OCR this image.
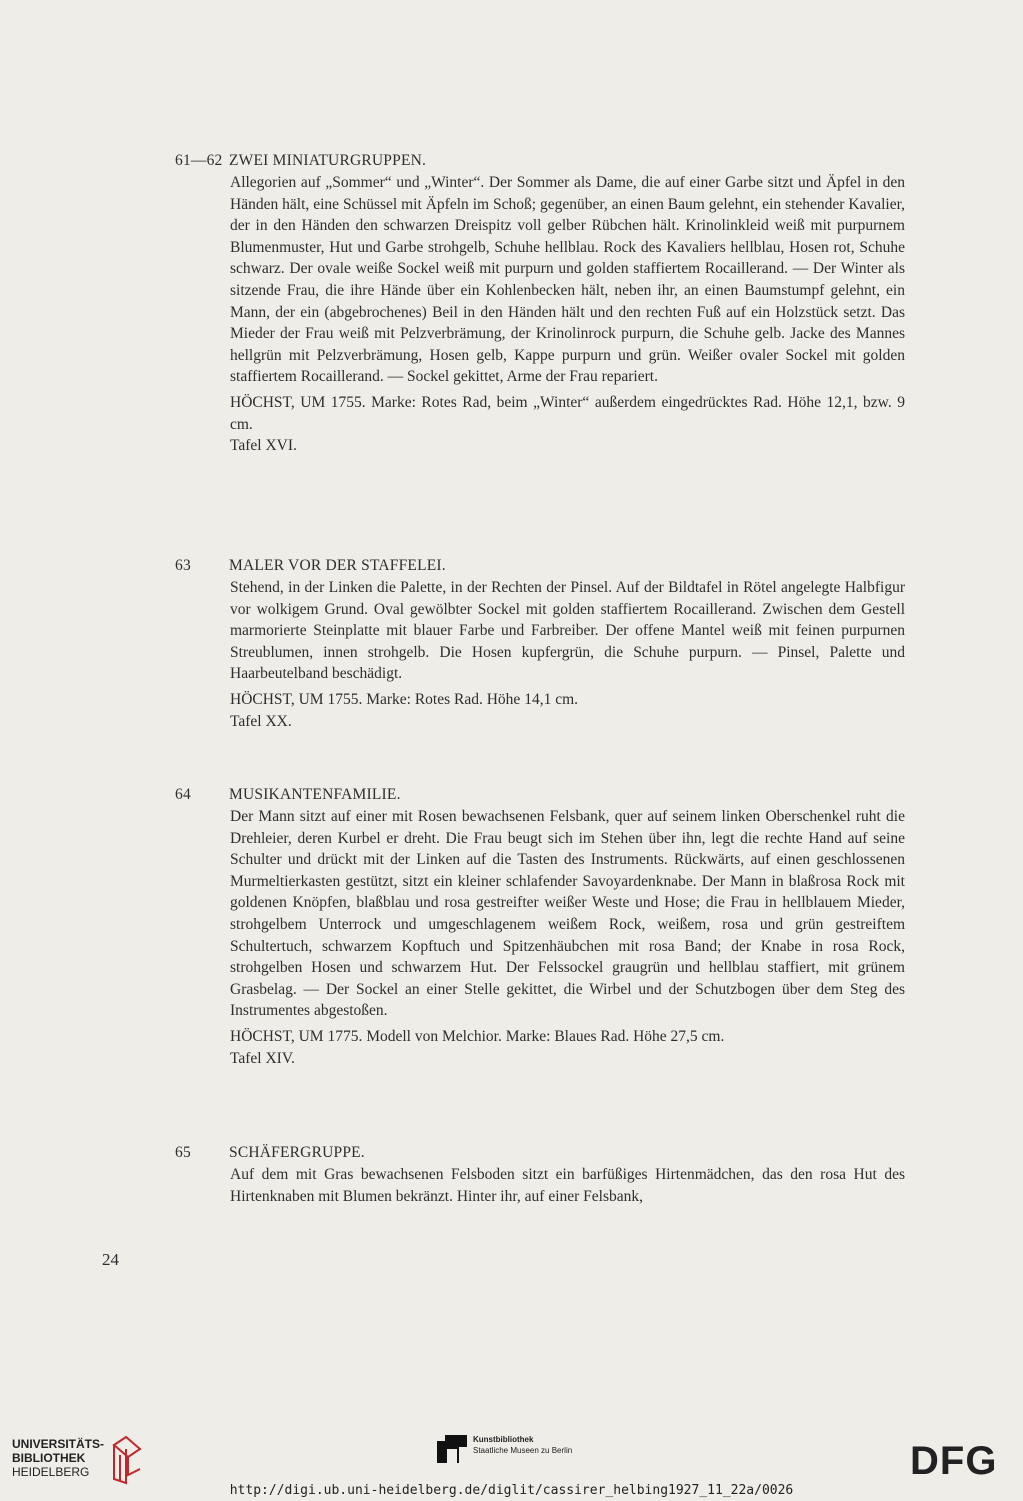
61—62 ZWEI MINIATURGRUPPEN.

Allegorien auf „Sommer“ und „Winter“. Der Sommer als Dame, die auf einer Garbe sitzt und Äpfel in den Händen hält, eine Schüssel mit Äpfeln im Schoß; gegenüber, an einen Baum gelehnt, ein stehender Kavalier, der in den Händen den schwarzen Dreispitz voll gelber Rübchen hält. Krinolinkleid weiß mit purpurnem Blumenmuster, Hut und Garbe strohgelb, Schuhe hellblau. Rock des Kavaliers hellblau, Hosen rot, Schuhe schwarz. Der ovale weiße Sockel weiß mit purpurn und golden staffiertem Rocaillerand. — Der Winter als sitzende Frau, die ihre Hände über ein Kohlenbecken hält, neben ihr, an einen Baumstumpf gelehnt, ein Mann, der ein (abgebrochenes) Beil in den Händen hält und den rechten Fuß auf ein Holzstück setzt. Das Mieder der Frau weiß mit Pelzverbrämung, der Krinolinrock purpurn, die Schuhe gelb. Jacke des Mannes hellgrün mit Pelzverbrämung, Hosen gelb, Kappe purpurn und grün. Weißer ovaler Sockel mit golden staffiertem Rocaillerand. — Sockel gekittet, Arme der Frau repariert.

HÖCHST, UM 1755. Marke: Rotes Rad, beim „Winter“ außerdem eingedrücktes Rad. Höhe 12,1, bzw. 9 cm.

Tafel XVI.

63 MALER VOR DER STAFFELEI.

Stehend, in der Linken die Palette, in der Rechten der Pinsel. Auf der Bildtafel in Rötel angelegte Halbfigur vor wolkigem Grund. Oval gewölbter Sockel mit golden staffiertem Rocaillerand. Zwischen dem Gestell marmorierte Steinplatte mit blauer Farbe und Farbreiber. Der offene Mantel weiß mit feinen purpurnen Streublumen, innen strohgelb. Die Hosen kupfergrün, die Schuhe purpurn. — Pinsel, Palette und Haarbeutelband beschädigt.

HÖCHST, UM 1755. Marke: Rotes Rad. Höhe 14,1 cm.

Tafel XX.

64 MUSIKANTENFAMILIE.

Der Mann sitzt auf einer mit Rosen bewachsenen Felsbank, quer auf seinem linken Oberschenkel ruht die Drehleier, deren Kurbel er dreht. Die Frau beugt sich im Stehen über ihn, legt die rechte Hand auf seine Schulter und drückt mit der Linken auf die Tasten des Instruments. Rückwärts, auf einen geschlossenen Murmeltierkasten gestützt, sitzt ein kleiner schlafender Savoyardenknabe. Der Mann in blaßrosa Rock mit goldenen Knöpfen, blaßblau und rosa gestreifter weißer Weste und Hose; die Frau in hellblauem Mieder, strohgelbem Unterrock und umgeschlagenem weißem Rock, weißem, rosa und grün gestreiftem Schultertuch, schwarzem Kopftuch und Spitzenhäubchen mit rosa Band; der Knabe in rosa Rock, strohgelben Hosen und schwarzem Hut. Der Felssockel graugrün und hellblau staffiert, mit grünem Grasbelag. — Der Sockel an einer Stelle gekittet, die Wirbel und der Schutzbogen über dem Steg des Instrumentes abgestoßen.

HÖCHST, UM 1775. Modell von Melchior. Marke: Blaues Rad. Höhe 27,5 cm.

Tafel XIV.

65 SCHÄFERGRUPPE.

Auf dem mit Gras bewachsenen Felsboden sitzt ein barfüßiges Hirtenmädchen, das den rosa Hut des Hirtenknaben mit Blumen bekränzt. Hinter ihr, auf einer Felsbank,

24
UNIVERSITÄTS-
BIBLIOTHEK
HEIDELBERG
Kunstbibliothek
Staatliche Museen zu Berlin	DFG
http://digi.ub.uni-heidelberg.de/diglit/cassirer_helbing1927_11_22a/0026
